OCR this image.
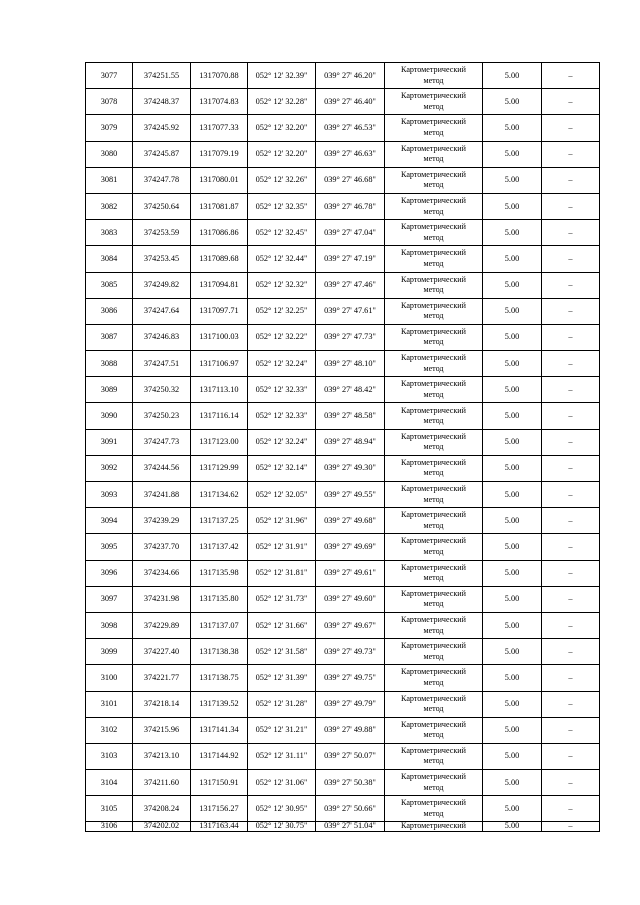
3077	374251.55	1317070.88	052° 12' 32.39"	039° 27' 46.20"	Картометрический
метод	5.00	–
3078	374248.37	1317074.83	052° 12' 32.28"	039° 27' 46.40"	Картометрический
метод	5.00	–
3079	374245.92	1317077.33	052° 12' 32.20"	039° 27' 46.53"	Картометрический
метод	5.00	–
3080	374245.87	1317079.19	052° 12' 32.20"	039° 27' 46.63"	Картометрический
метод	5.00	–
3081	374247.78	1317080.01	052° 12' 32.26"	039° 27' 46.68"	Картометрический
метод	5.00	–
3082	374250.64	1317081.87	052° 12' 32.35"	039° 27' 46.78"	Картометрический
метод	5.00	–
3083	374253.59	1317086.86	052° 12' 32.45"	039° 27' 47.04"	Картометрический
метод	5.00	–
3084	374253.45	1317089.68	052° 12' 32.44"	039° 27' 47.19"	Картометрический
метод	5.00	–
3085	374249.82	1317094.81	052° 12' 32.32"	039° 27' 47.46"	Картометрический
метод	5.00	–
3086	374247.64	1317097.71	052° 12' 32.25"	039° 27' 47.61"	Картометрический
метод	5.00	–
3087	374246.83	1317100.03	052° 12' 32.22"	039° 27' 47.73"	Картометрический
метод	5.00	–
3088	374247.51	1317106.97	052° 12' 32.24"	039° 27' 48.10"	Картометрический
метод	5.00	–
3089	374250.32	1317113.10	052° 12' 32.33"	039° 27' 48.42"	Картометрический
метод	5.00	–
3090	374250.23	1317116.14	052° 12' 32.33"	039° 27' 48.58"	Картометрический
метод	5.00	–
3091	374247.73	1317123.00	052° 12' 32.24"	039° 27' 48.94"	Картометрический
метод	5.00	–
3092	374244.56	1317129.99	052° 12' 32.14"	039° 27' 49.30"	Картометрический
метод	5.00	–
3093	374241.88	1317134.62	052° 12' 32.05"	039° 27' 49.55"	Картометрический
метод	5.00	–
3094	374239.29	1317137.25	052° 12' 31.96"	039° 27' 49.68"	Картометрический
метод	5.00	–
3095	374237.70	1317137.42	052° 12' 31.91"	039° 27' 49.69"	Картометрический
метод	5.00	–
3096	374234.66	1317135.98	052° 12' 31.81"	039° 27' 49.61"	Картометрический
метод	5.00	–
3097	374231.98	1317135.80	052° 12' 31.73"	039° 27' 49.60"	Картометрический
метод	5.00	–
3098	374229.89	1317137.07	052° 12' 31.66"	039° 27' 49.67"	Картометрический
метод	5.00	–
3099	374227.40	1317138.38	052° 12' 31.58"	039° 27' 49.73"	Картометрический
метод	5.00	–
3100	374221.77	1317138.75	052° 12' 31.39"	039° 27' 49.75"	Картометрический
метод	5.00	–
3101	374218.14	1317139.52	052° 12' 31.28"	039° 27' 49.79"	Картометрический
метод	5.00	–
3102	374215.96	1317141.34	052° 12' 31.21"	039° 27' 49.88"	Картометрический
метод	5.00	–
3103	374213.10	1317144.92	052° 12' 31.11"	039° 27' 50.07"	Картометрический
метод	5.00	–
3104	374211.60	1317150.91	052° 12' 31.06"	039° 27' 50.38"	Картометрический
метод	5.00	–
3105	374208.24	1317156.27	052° 12' 30.95"	039° 27' 50.66"	Картометрический
метод	5.00	–
3106	374202.02	1317163.44	052° 12' 30.75"	039° 27' 51.04"	Картометрический	5.00	–
